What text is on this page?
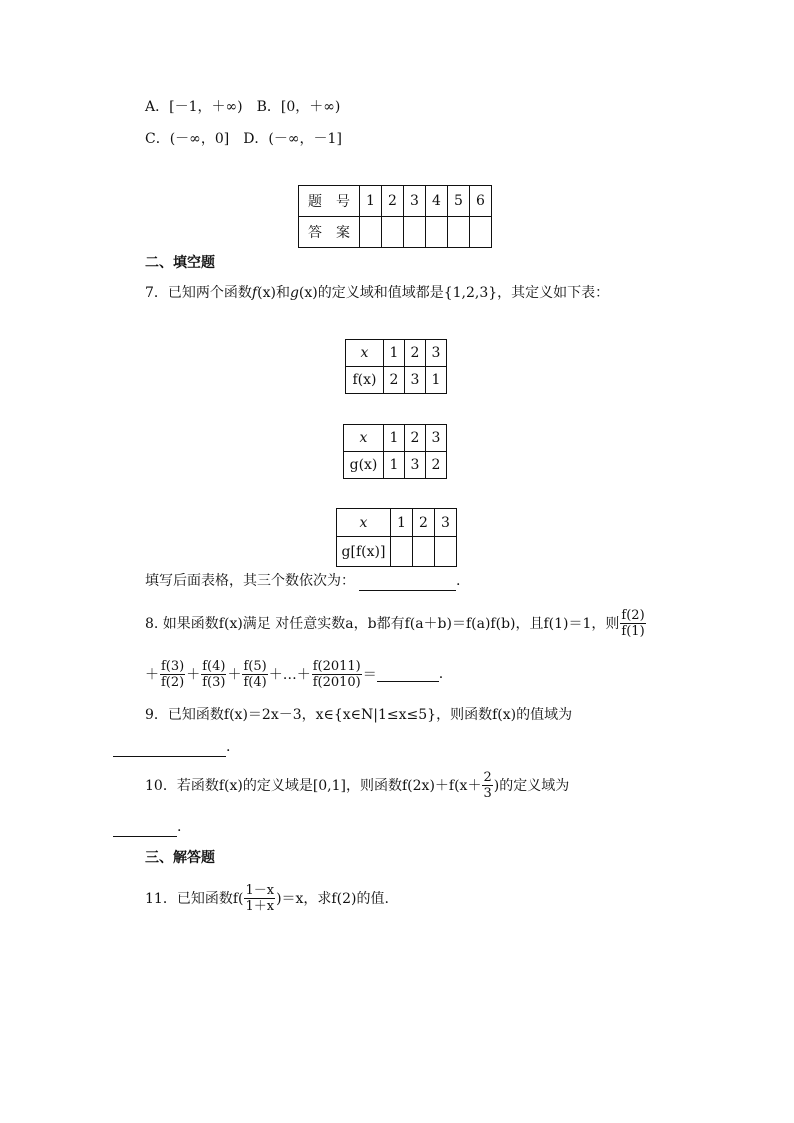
A．[－1，＋∞)　B．[0，＋∞)
C．(－∞，0]　D．(－∞，－1]
题　号	1	2	3	4	5	6
答　案						
二、填空题
7．已知两个函数f(x)和g(x)的定义域和值域都是{1,2,3}，其定义如下表：
x	1	2	3
f(x)	2	3	1
x	1	2	3
g(x)	1	3	2
x	1	2	3
g[f(x)]			
填写后面表格，其三个数依次为：	.
8. 如果函数f(x)满足 对任意实数a，b都有f(a＋b)＝f(a)f(b)，且f(1)＝1，则 $\frac{f(2)}{f(1)}$
＋ $\frac{f(3)}{f(2)} + \frac{f(4)}{f(3)} + \frac{f(5)}{f(4)}$ ＋…＋ $\frac{f(2011)}{f(2010)}$ ＝	.
9．已知函数f(x)＝2x－3，x∈{x∈N|1≤x≤5}，则函数f(x)的值域为
.
10．若函数f(x)的定义域是[0,1]，则函数$f(2x)+f(x+ \frac{2}{3}$ )的定义域为
.
三、解答题
11．已知函数$f( \frac{1-x}{1+x} )=x$，求f(2)的值.
